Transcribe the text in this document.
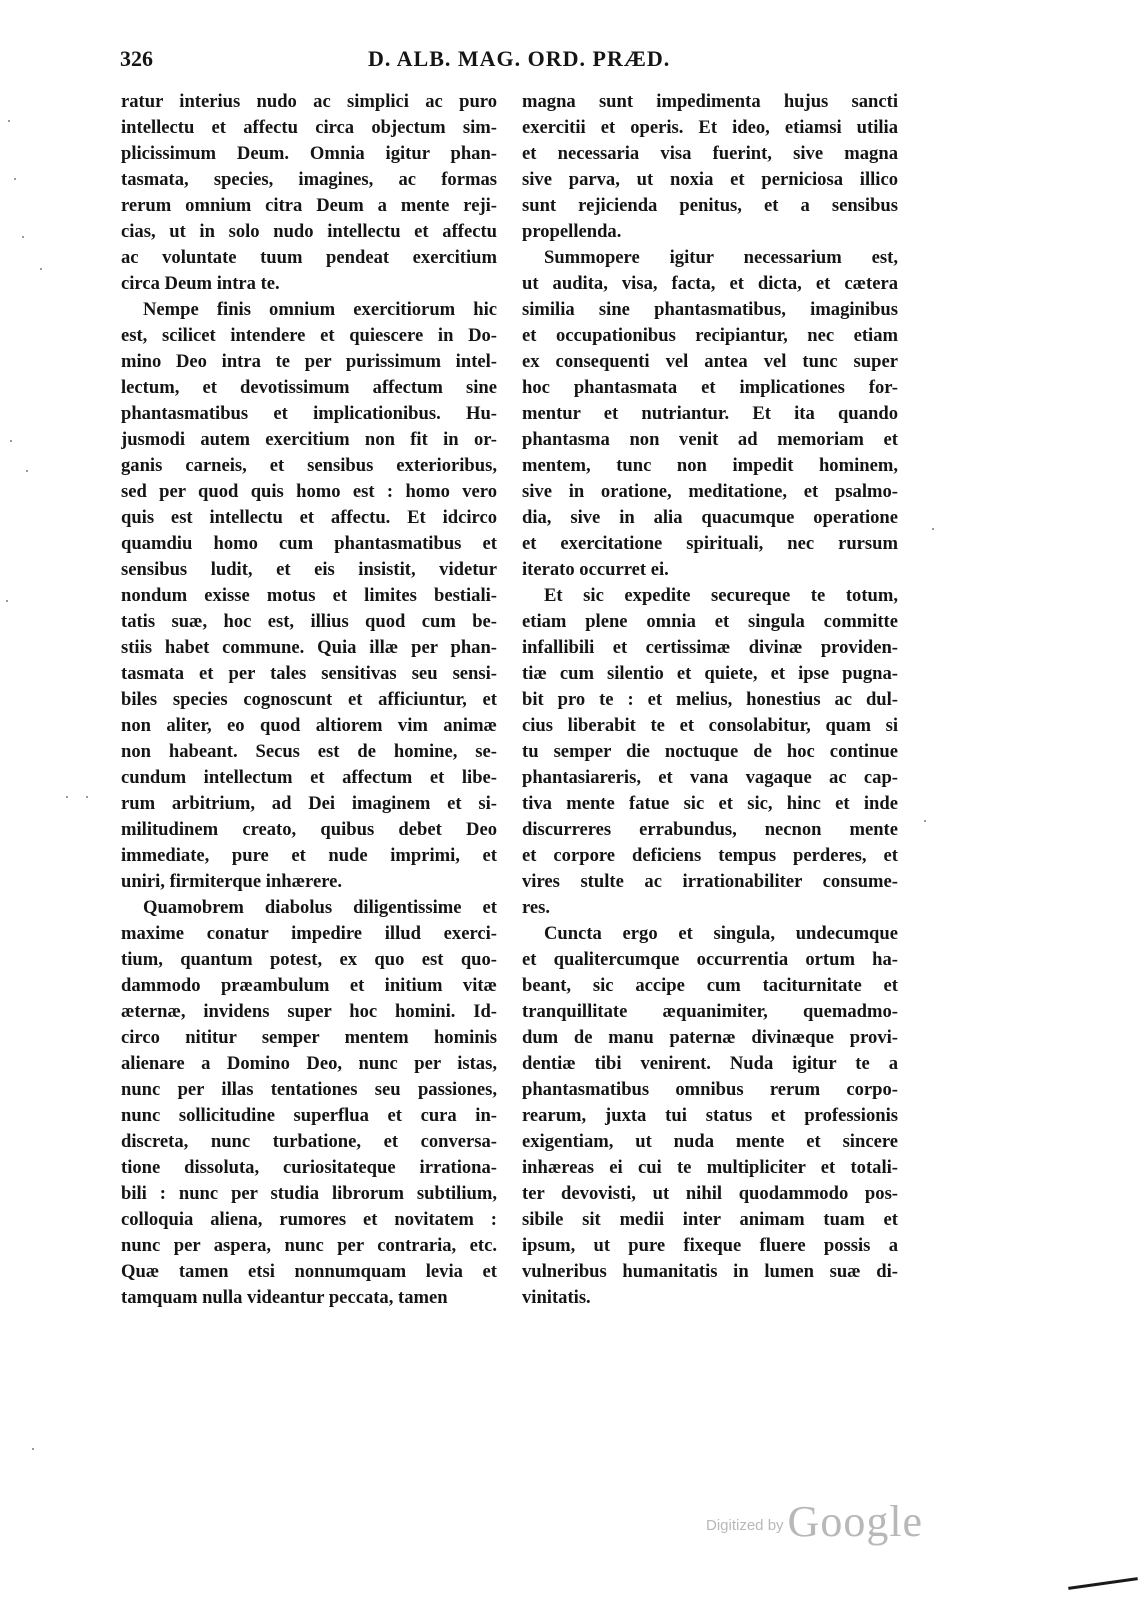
326	D. ALB. MAG. ORD. PRÆD.
ratur interius nudo ac simplici ac puro
intellectu et affectu circa objectum sim-
plicissimum Deum. Omnia igitur phan-
tasmata, species, imagines, ac formas
rerum omnium citra Deum a mente reji-
cias, ut in solo nudo intellectu et affectu
ac voluntate tuum pendeat exercitium
circa Deum intra te.
Nempe finis omnium exercitiorum hic
est, scilicet intendere et quiescere in Do-
mino Deo intra te per purissimum intel-
lectum, et devotissimum affectum sine
phantasmatibus et implicationibus. Hu-
jusmodi autem exercitium non fit in or-
ganis carneis, et sensibus exterioribus,
sed per quod quis homo est : homo vero
quis est intellectu et affectu. Et idcirco
quamdiu homo cum phantasmatibus et
sensibus ludit, et eis insistit, videtur
nondum exisse motus et limites bestiali-
tatis suæ, hoc est, illius quod cum be-
stiis habet commune. Quia illæ per phan-
tasmata et per tales sensitivas seu sensi-
biles species cognoscunt et afficiuntur, et
non aliter, eo quod altiorem vim animæ
non habeant. Secus est de homine, se-
cundum intellectum et affectum et libe-
rum arbitrium, ad Dei imaginem et si-
militudinem creato, quibus debet Deo
immediate, pure et nude imprimi, et
uniri, firmiterque inhærere.
Quamobrem diabolus diligentissime et
maxime conatur impedire illud exerci-
tium, quantum potest, ex quo est quo-
dammodo præambulum et initium vitæ
æternæ, invidens super hoc homini. Id-
circo nititur semper mentem hominis
alienare a Domino Deo, nunc per istas,
nunc per illas tentationes seu passiones,
nunc sollicitudine superflua et cura in-
discreta, nunc turbatione, et conversa-
tione dissoluta, curiositateque irrationa-
bili : nunc per studia librorum subtilium,
colloquia aliena, rumores et novitatem :
nunc per aspera, nunc per contraria, etc.
Quæ tamen etsi nonnumquam levia et
tamquam nulla videantur peccata, tamen
magna sunt impedimenta hujus sancti
exercitii et operis. Et ideo, etiamsi utilia
et necessaria visa fuerint, sive magna
sive parva, ut noxia et perniciosa illico
sunt rejicienda penitus, et a sensibus
propellenda.
Summopere igitur necessarium est,
ut audita, visa, facta, et dicta, et cætera
similia sine phantasmatibus, imaginibus
et occupationibus recipiantur, nec etiam
ex consequenti vel antea vel tunc super
hoc phantasmata et implicationes for-
mentur et nutriantur. Et ita quando
phantasma non venit ad memoriam et
mentem, tunc non impedit hominem,
sive in oratione, meditatione, et psalmo-
dia, sive in alia quacumque operatione
et exercitatione spirituali, nec rursum
iterato occurret ei.
Et sic expedite secureque te totum,
etiam plene omnia et singula committe
infallibili et certissimæ divinæ providen-
tiæ cum silentio et quiete, et ipse pugna-
bit pro te : et melius, honestius ac dul-
cius liberabit te et consolabitur, quam si
tu semper die noctuque de hoc continue
phantasiareris, et vana vagaque ac cap-
tiva mente fatue sic et sic, hinc et inde
discurreres errabundus, necnon mente
et corpore deficiens tempus perderes, et
vires stulte ac irrationabiliter consume-
res.
Cuncta ergo et singula, undecumque
et qualitercumque occurrentia ortum ha-
beant, sic accipe cum taciturnitate et
tranquillitate æquanimiter, quemadmo-
dum de manu paternæ divinæque provi-
dentiæ tibi venirent. Nuda igitur te a
phantasmatibus omnibus rerum corpo-
rearum, juxta tui status et professionis
exigentiam, ut nuda mente et sincere
inhæreas ei cui te multipliciter et totali-
ter devovisti, ut nihil quodammodo pos-
sibile sit medii inter animam tuam et
ipsum, ut pure fixeque fluere possis a
vulneribus humanitatis in lumen suæ di-
vinitatis.
Digitized byGoogle
